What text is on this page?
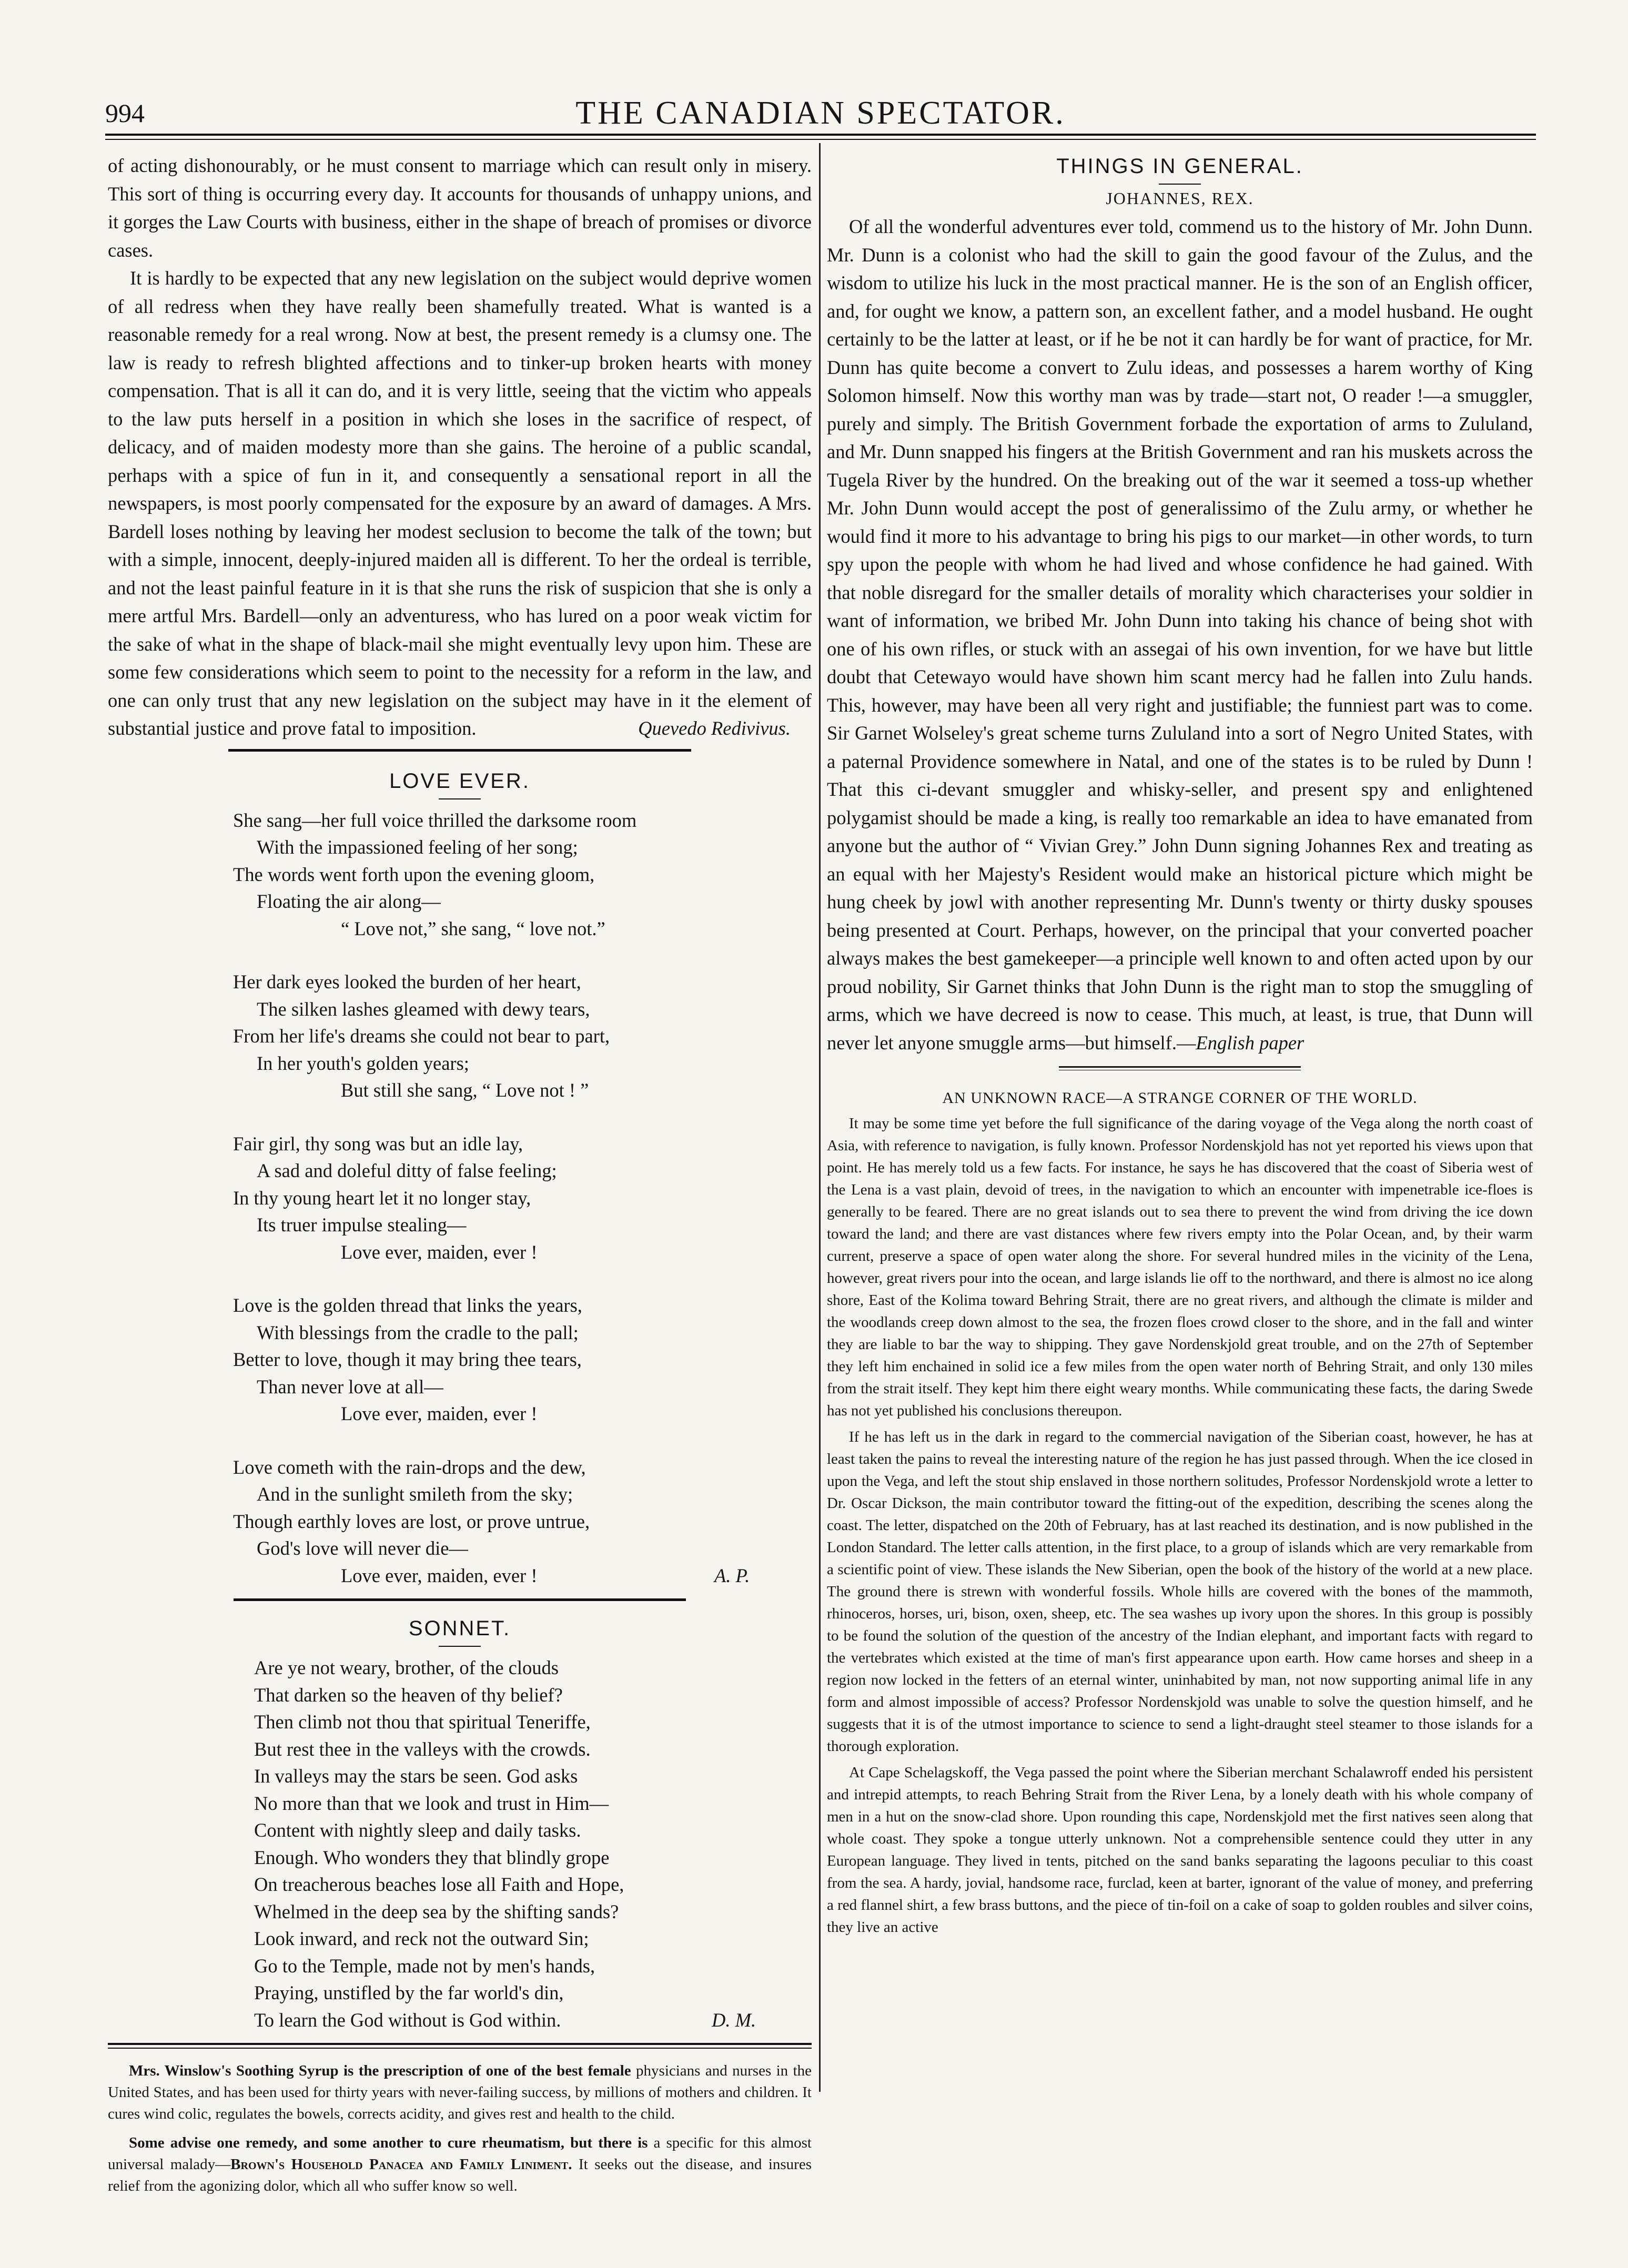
994	THE CANADIAN SPECTATOR.

of acting dishonourably, or he must consent to marriage which can result only in misery. This sort of thing is occurring every day. It accounts for thousands of unhappy unions, and it gorges the Law Courts with business, either in the shape of breach of promises or divorce cases.

It is hardly to be expected that any new legislation on the subject would deprive women of all redress when they have really been shamefully treated. What is wanted is a reasonable remedy for a real wrong. Now at best, the present remedy is a clumsy one. The law is ready to refresh blighted affections and to tinker-up broken hearts with money compensation. That is all it can do, and it is very little, seeing that the victim who appeals to the law puts herself in a position in which she loses in the sacrifice of respect, of delicacy, and of maiden modesty more than she gains. The heroine of a public scandal, perhaps with a spice of fun in it, and consequently a sensational report in all the newspapers, is most poorly compensated for the exposure by an award of damages. A Mrs. Bardell loses nothing by leaving her modest seclusion to become the talk of the town; but with a simple, innocent, deeply-injured maiden all is different. To her the ordeal is terrible, and not the least painful feature in it is that she runs the risk of suspicion that she is only a mere artful Mrs. Bardell—only an adventuress, who has lured on a poor weak victim for the sake of what in the shape of black-mail she might eventually levy upon him. These are some few considerations which seem to point to the necessity for a reform in the law, and one can only trust that any new legislation on the subject may have in it the element of substantial justice and prove fatal to imposition.	Quevedo Redivivus.

LOVE EVER.
She sang—her full voice thrilled the darksome room
With the impassioned feeling of her song;
The words went forth upon the evening gloom,
Floating the air along—
“ Love not,” she sang, “ love not.”
Her dark eyes looked the burden of her heart,
The silken lashes gleamed with dewy tears,
From her life's dreams she could not bear to part,
In her youth's golden years;
But still she sang, “ Love not ! ”
Fair girl, thy song was but an idle lay,
A sad and doleful ditty of false feeling;
In thy young heart let it no longer stay,
Its truer impulse stealing—
Love ever, maiden, ever !
Love is the golden thread that links the years,
With blessings from the cradle to the pall;
Better to love, though it may bring thee tears,
Than never love at all—
Love ever, maiden, ever !
Love cometh with the rain-drops and the dew,
And in the sunlight smileth from the sky;
Though earthly loves are lost, or prove untrue,
God's love will never die—
Love ever, maiden, ever !	A. P.
SONNET.
Are ye not weary, brother, of the clouds
That darken so the heaven of thy belief?
Then climb not thou that spiritual Teneriffe,
But rest thee in the valleys with the crowds.
In valleys may the stars be seen. God asks
No more than that we look and trust in Him—
Content with nightly sleep and daily tasks.
Enough. Who wonders they that blindly grope
On treacherous beaches lose all Faith and Hope,
Whelmed in the deep sea by the shifting sands?
Look inward, and reck not the outward Sin;
Go to the Temple, made not by men's hands,
Praying, unstifled by the far world's din,
To learn the God without is God within.	D. M.

Mrs. Winslow's Soothing Syrup is the prescription of one of the best female physicians and nurses in the United States, and has been used for thirty years with never-failing success, by millions of mothers and children. It cures wind colic, regulates the bowels, corrects acidity, and gives rest and health to the child.

Some advise one remedy, and some another to cure rheumatism, but there is a specific for this almost universal malady—Brown's Household Panacea and Family Liniment. It seeks out the disease, and insures relief from the agonizing dolor, which all who suffer know so well.

THINGS IN GENERAL.
JOHANNES, REX.

Of all the wonderful adventures ever told, commend us to the history of Mr. John Dunn. Mr. Dunn is a colonist who had the skill to gain the good favour of the Zulus, and the wisdom to utilize his luck in the most practical manner. He is the son of an English officer, and, for ought we know, a pattern son, an excellent father, and a model husband. He ought certainly to be the latter at least, or if he be not it can hardly be for want of practice, for Mr. Dunn has quite become a convert to Zulu ideas, and possesses a harem worthy of King Solomon himself. Now this worthy man was by trade—start not, O reader !—a smuggler, purely and simply. The British Government forbade the exportation of arms to Zululand, and Mr. Dunn snapped his fingers at the British Government and ran his muskets across the Tugela River by the hundred. On the breaking out of the war it seemed a toss-up whether Mr. John Dunn would accept the post of generalissimo of the Zulu army, or whether he would find it more to his advantage to bring his pigs to our market—in other words, to turn spy upon the people with whom he had lived and whose confidence he had gained. With that noble disregard for the smaller details of morality which characterises your soldier in want of information, we bribed Mr. John Dunn into taking his chance of being shot with one of his own rifles, or stuck with an assegai of his own invention, for we have but little doubt that Cetewayo would have shown him scant mercy had he fallen into Zulu hands. This, however, may have been all very right and justifiable; the funniest part was to come. Sir Garnet Wolseley's great scheme turns Zululand into a sort of Negro United States, with a paternal Providence somewhere in Natal, and one of the states is to be ruled by Dunn ! That this ci-devant smuggler and whisky-seller, and present spy and enlightened polygamist should be made a king, is really too remarkable an idea to have emanated from anyone but the author of “ Vivian Grey.” John Dunn signing Johannes Rex and treating as an equal with her Majesty's Resident would make an historical picture which might be hung cheek by jowl with another representing Mr. Dunn's twenty or thirty dusky spouses being presented at Court. Perhaps, however, on the principal that your converted poacher always makes the best gamekeeper—a principle well known to and often acted upon by our proud nobility, Sir Garnet thinks that John Dunn is the right man to stop the smuggling of arms, which we have decreed is now to cease. This much, at least, is true, that Dunn will never let anyone smuggle arms—but himself.—English paper

AN UNKNOWN RACE—A STRANGE CORNER OF THE WORLD.

It may be some time yet before the full significance of the daring voyage of the Vega along the north coast of Asia, with reference to navigation, is fully known. Professor Nordenskjold has not yet reported his views upon that point. He has merely told us a few facts. For instance, he says he has discovered that the coast of Siberia west of the Lena is a vast plain, devoid of trees, in the navigation to which an encounter with impenetrable ice-floes is generally to be feared. There are no great islands out to sea there to prevent the wind from driving the ice down toward the land; and there are vast distances where few rivers empty into the Polar Ocean, and, by their warm current, preserve a space of open water along the shore. For several hundred miles in the vicinity of the Lena, however, great rivers pour into the ocean, and large islands lie off to the northward, and there is almost no ice along shore, East of the Kolima toward Behring Strait, there are no great rivers, and although the climate is milder and the woodlands creep down almost to the sea, the frozen floes crowd closer to the shore, and in the fall and winter they are liable to bar the way to shipping. They gave Nordenskjold great trouble, and on the 27th of September they left him enchained in solid ice a few miles from the open water north of Behring Strait, and only 130 miles from the strait itself. They kept him there eight weary months. While communicating these facts, the daring Swede has not yet published his conclusions thereupon.

If he has left us in the dark in regard to the commercial navigation of the Siberian coast, however, he has at least taken the pains to reveal the interesting nature of the region he has just passed through. When the ice closed in upon the Vega, and left the stout ship enslaved in those northern solitudes, Professor Nordenskjold wrote a letter to Dr. Oscar Dickson, the main contributor toward the fitting-out of the expedition, describing the scenes along the coast. The letter, dispatched on the 20th of February, has at last reached its destination, and is now published in the London Standard. The letter calls attention, in the first place, to a group of islands which are very remarkable from a scientific point of view. These islands the New Siberian, open the book of the history of the world at a new place. The ground there is strewn with wonderful fossils. Whole hills are covered with the bones of the mammoth, rhinoceros, horses, uri, bison, oxen, sheep, etc. The sea washes up ivory upon the shores. In this group is possibly to be found the solution of the question of the ancestry of the Indian elephant, and important facts with regard to the vertebrates which existed at the time of man's first appearance upon earth. How came horses and sheep in a region now locked in the fetters of an eternal winter, uninhabited by man, not now supporting animal life in any form and almost impossible of access? Professor Nordenskjold was unable to solve the question himself, and he suggests that it is of the utmost importance to science to send a light-draught steel steamer to those islands for a thorough exploration.

At Cape Schelagskoff, the Vega passed the point where the Siberian merchant Schalawroff ended his persistent and intrepid attempts, to reach Behring Strait from the River Lena, by a lonely death with his whole company of men in a hut on the snow-clad shore. Upon rounding this cape, Nordenskjold met the first natives seen along that whole coast. They spoke a tongue utterly unknown. Not a comprehensible sentence could they utter in any European language. They lived in tents, pitched on the sand banks separating the lagoons peculiar to this coast from the sea. A hardy, jovial, handsome race, furclad, keen at barter, ignorant of the value of money, and preferring a red flannel shirt, a few brass buttons, and the piece of tin-foil on a cake of soap to golden roubles and silver coins, they live an active
